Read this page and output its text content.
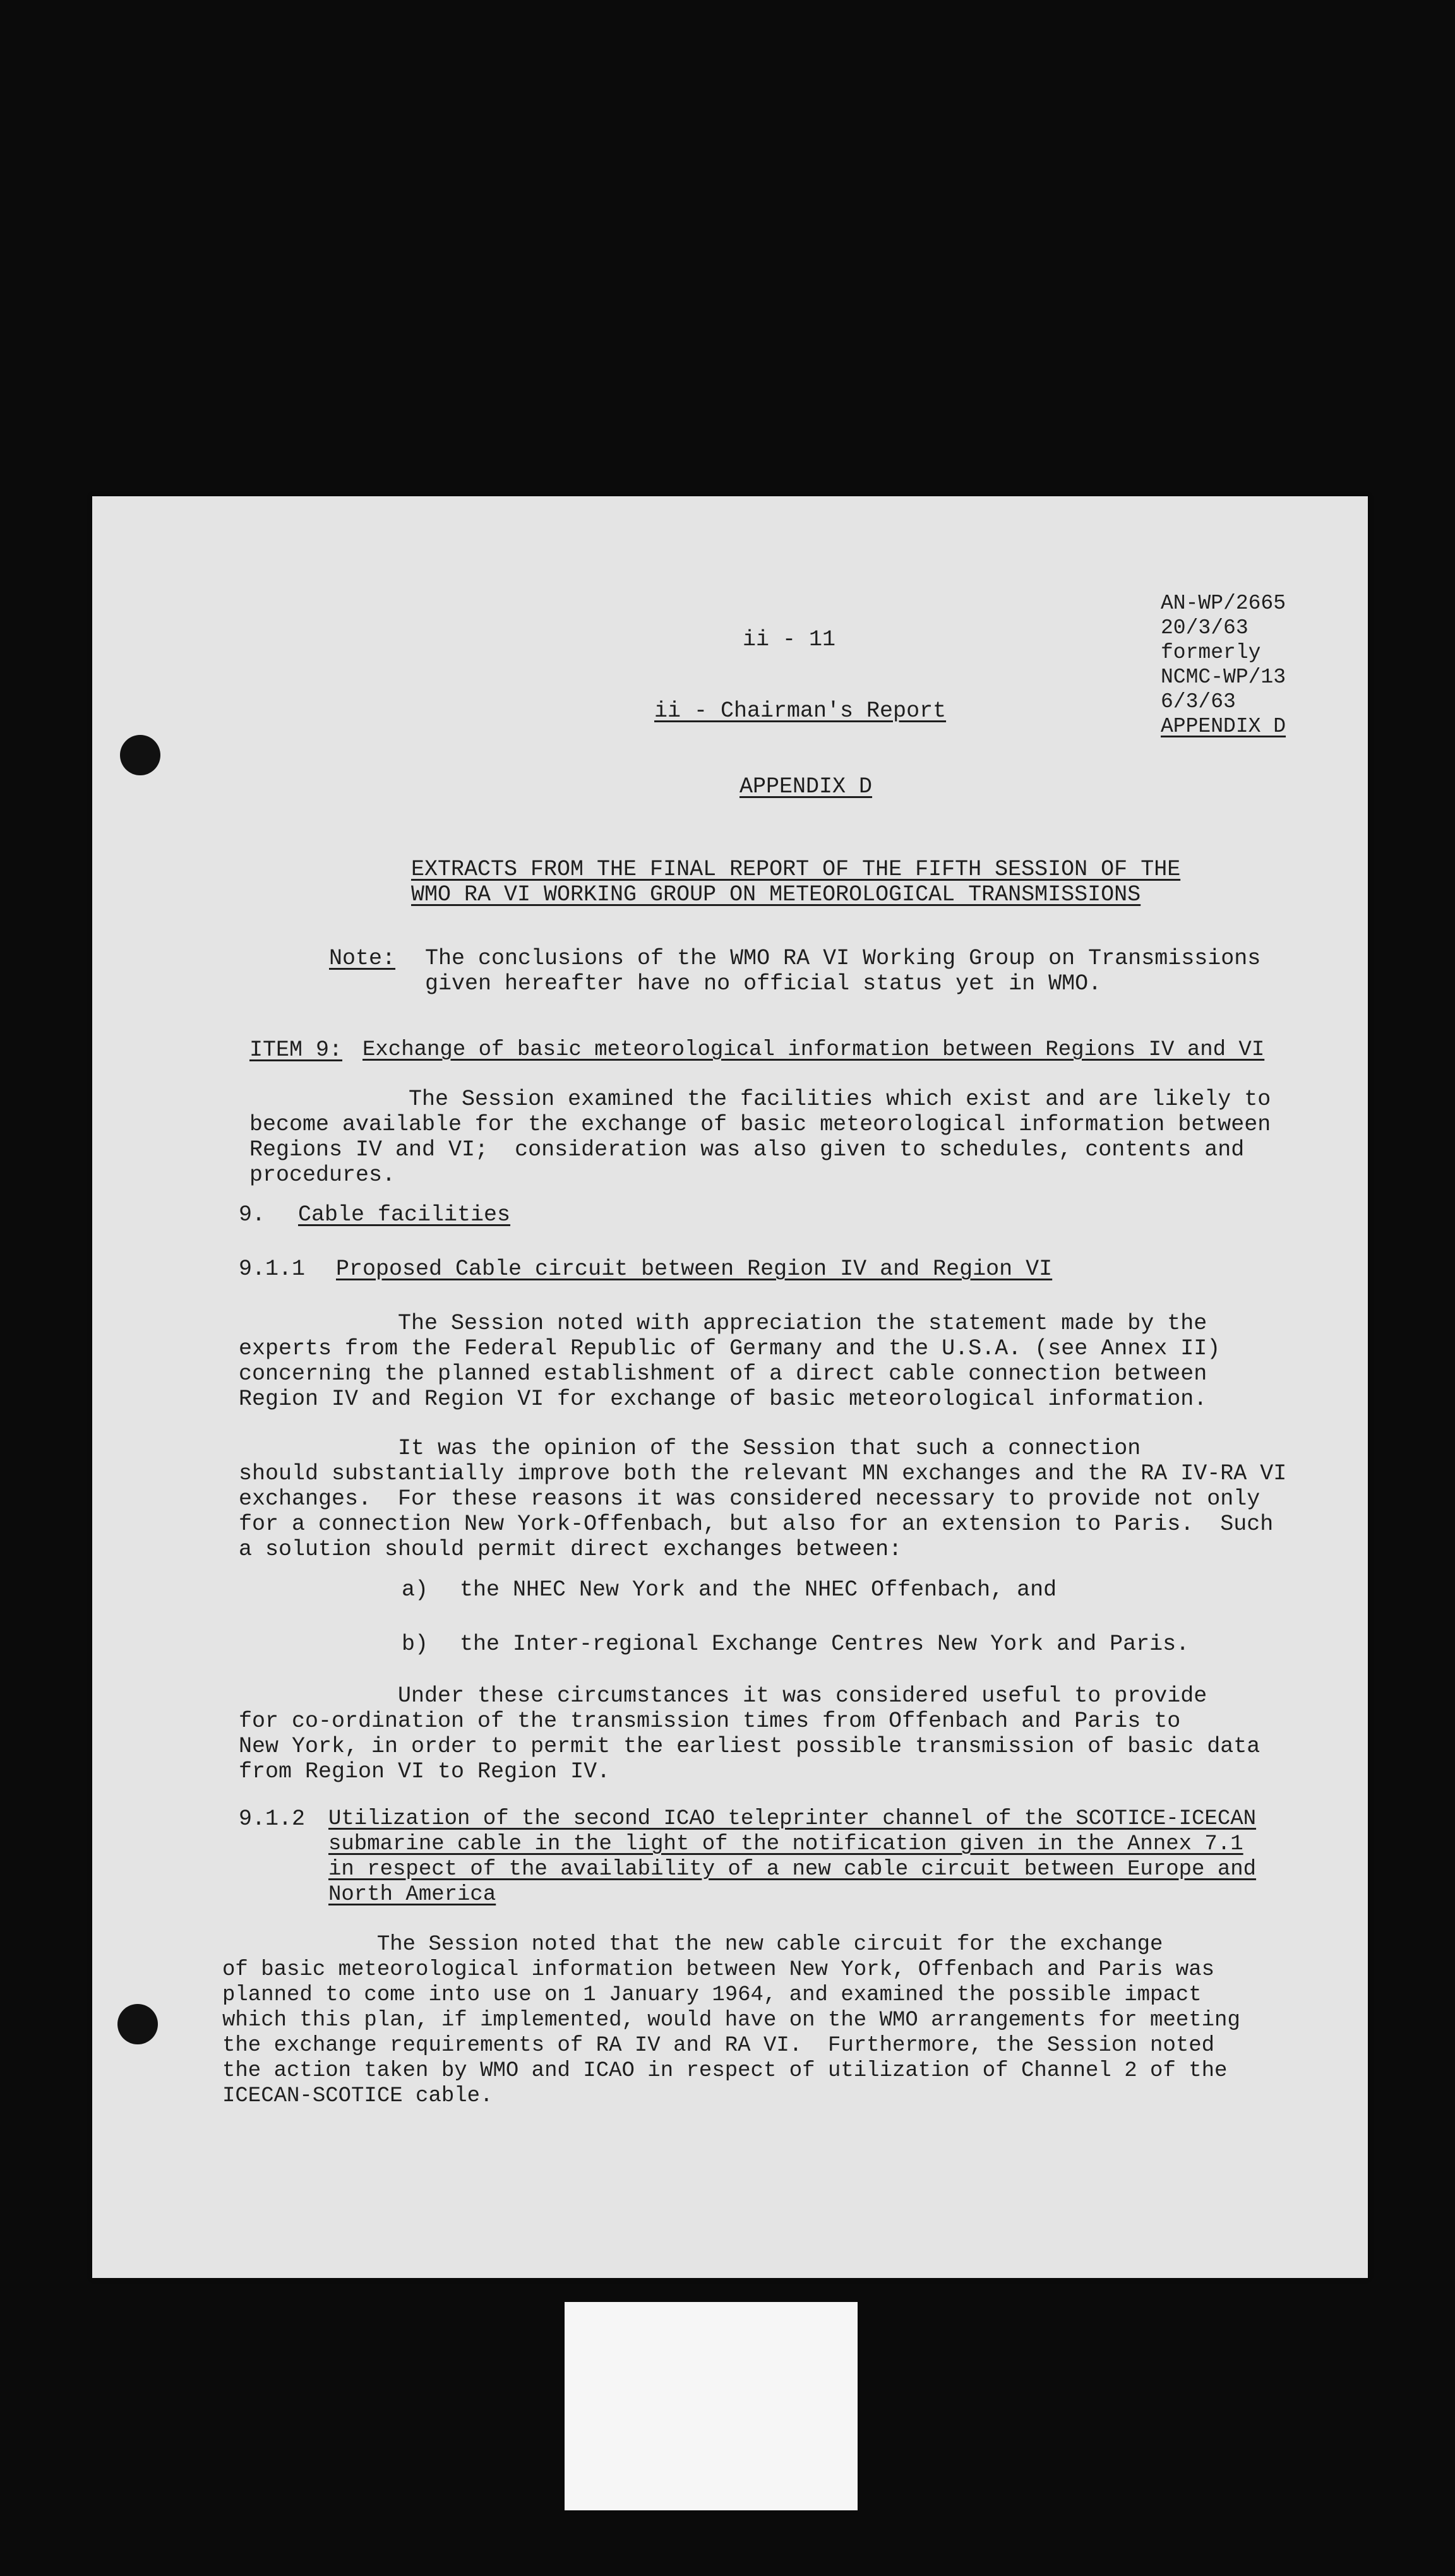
ii - 11
AN-WP/2665
20/3/63
formerly
NCMC-WP/13
6/3/63
APPENDIX D
ii - Chairman's Report
APPENDIX D
EXTRACTS FROM THE FINAL REPORT OF THE FIFTH SESSION OF THE
WMO RA VI WORKING GROUP ON METEOROLOGICAL TRANSMISSIONS
Note: The conclusions of the WMO RA VI Working Group on Transmissions
given hereafter have no official status yet in WMO.
ITEM 9: Exchange of basic meteorological information between Regions IV and VI
The Session examined the facilities which exist and are likely to
become available for the exchange of basic meteorological information between
Regions IV and VI;  consideration was also given to schedules, contents and
procedures.
9. Cable facilities
9.1.1 Proposed Cable circuit between Region IV and Region VI
The Session noted with appreciation the statement made by the
experts from the Federal Republic of Germany and the U.S.A. (see Annex II)
concerning the planned establishment of a direct cable connection between
Region IV and Region VI for exchange of basic meteorological information.
It was the opinion of the Session that such a connection
should substantially improve both the relevant MN exchanges and the RA IV-RA VI
exchanges.  For these reasons it was considered necessary to provide not only
for a connection New York-Offenbach, but also for an extension to Paris.  Such
a solution should permit direct exchanges between:
a) the NHEC New York and the NHEC Offenbach, and
b) the Inter-regional Exchange Centres New York and Paris.
Under these circumstances it was considered useful to provide
for co-ordination of the transmission times from Offenbach and Paris to
New York, in order to permit the earliest possible transmission of basic data
from Region VI to Region IV.
9.1.2 Utilization of the second ICAO teleprinter channel of the SCOTICE-ICECAN
submarine cable in the light of the notification given in the Annex 7.1
in respect of the availability of a new cable circuit between Europe and
North America
The Session noted that the new cable circuit for the exchange
of basic meteorological information between New York, Offenbach and Paris was
planned to come into use on 1 January 1964, and examined the possible impact
which this plan, if implemented, would have on the WMO arrangements for meeting
the exchange requirements of RA IV and RA VI.  Furthermore, the Session noted
the action taken by WMO and ICAO in respect of utilization of Channel 2 of the
ICECAN-SCOTICE cable.
